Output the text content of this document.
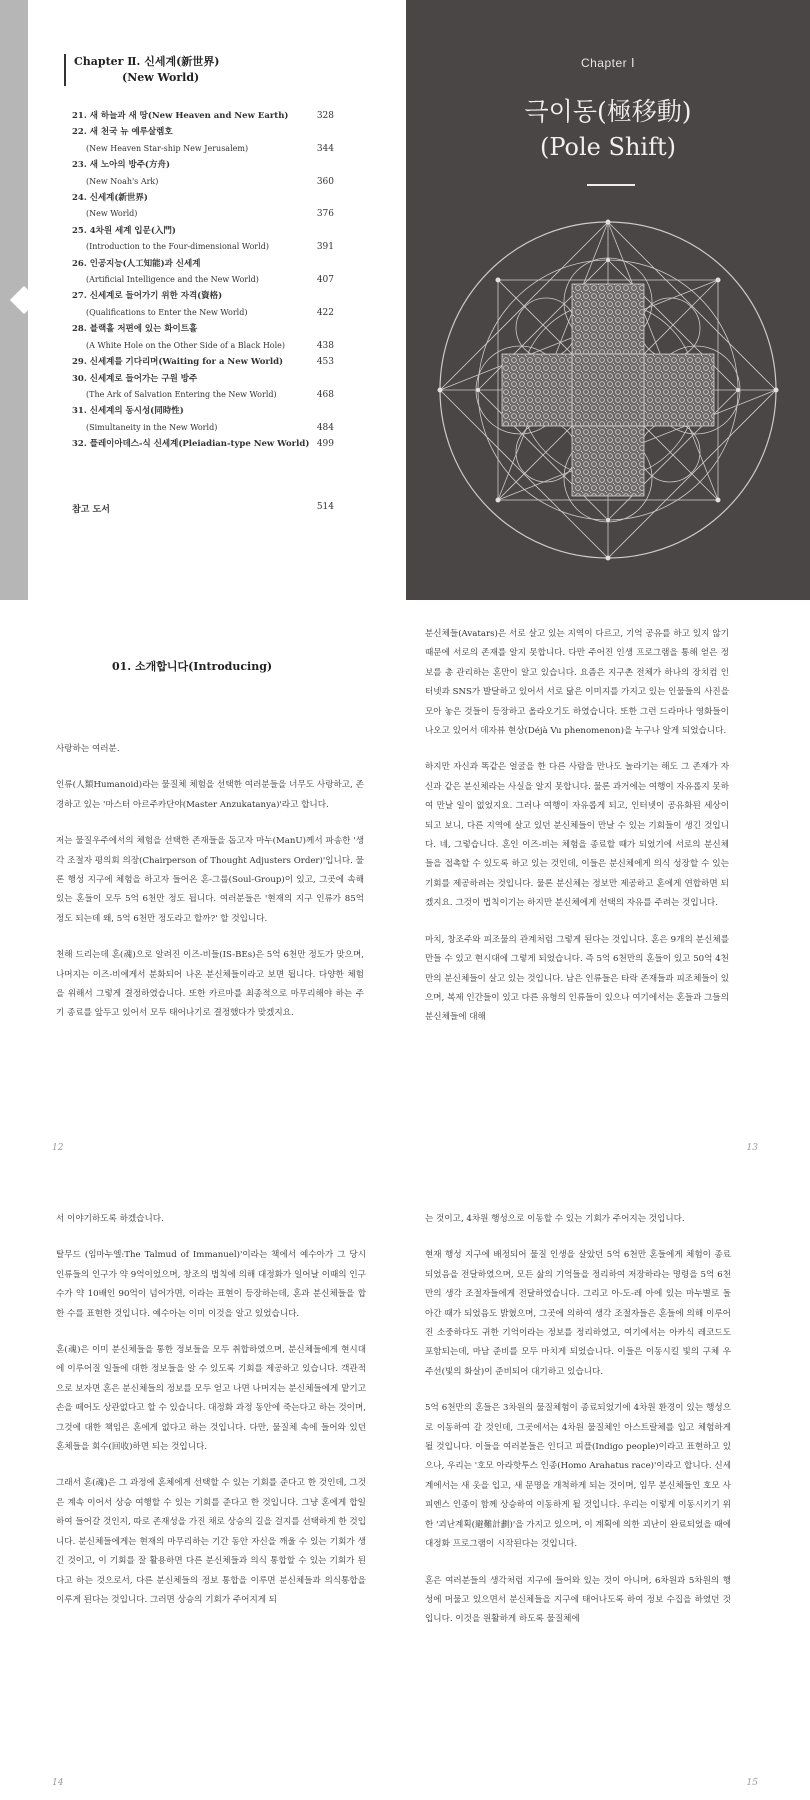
Chapter Ⅱ. 신세계(新世界)
(New World)
21. 새 하늘과 새 땅(New Heaven and New Earth)	328
22. 새 천국 뉴 예루살렘호
(New Heaven Star-ship New Jerusalem)	344
23. 새 노아의 방주(方舟)
(New Noah's Ark)	360
24. 신세계(新世界)
(New World)	376
25. 4차원 세계 입문(入門)
(Introduction to the Four-dimensional World)	391
26. 인공지능(人工知能)과 신세계
(Artificial Intelligence and the New World)	407
27. 신세계로 들어가기 위한 자격(資格)
(Qualifications to Enter the New World)	422
28. 블랙홀 저편에 있는 화이트홀
(A White Hole on the Other Side of a Black Hole)	438
29. 신세계를 기다리며(Waiting for a New World)	453
30. 신세계로 들어가는 구원 방주
(The Ark of Salvation Entering the New World)	468
31. 신세계의 동시성(同時性)
(Simultaneity in the New World)	484
32. 플레이아데스-식 신세계(Pleiadian-type New World) 499
참고 도서	514
Chapter Ⅰ
극이동(極移動)
(Pole Shift)
01. 소개합니다(Introducing)

사랑하는 여러분.

인류(人類Humanoid)라는 물질체 체험을 선택한 여러분들을 너무도 사랑하고, 존경하고 있는 '마스터 아르주카단야(Master Anzukatanya)'라고 합니다.

저는 물질우주에서의 체험을 선택한 존재들을 돕고자 마누(ManU)께서 파송한 '생각 조절자 평의회 의장(Chairperson of Thought Adjusters Order)'입니다. 물론 행성 지구에 체험을 하고자 들어온 혼-그룹(Soul-Group)이 있고, 그곳에 속해 있는 혼들이 모두 5억 6천만 정도 됩니다. 여러분들은 '현재의 지구 인류가 85억 정도 되는데 왜, 5억 6천만 정도라고 할까?' 할 것입니다.

천해 드리는데 혼(魂)으로 알려진 이즈-비들(IS-BEs)은 5억 6천만 정도가 맞으며, 나머지는 이즈-비에게서 분화되어 나온 분신체들이라고 보면 됩니다. 다양한 체험을 위해서 그렇게 결정하였습니다. 또한 카르마를 최종적으로 마무리해야 하는 주기 종료를 앞두고 있어서 모두 태어나기로 결정했다가 맞겠지요.

12

분신체들(Avatars)은 서로 살고 있는 지역이 다르고, 기억 공유를 하고 있지 않기 때문에 서로의 존재를 알지 못합니다. 다만 주어진 인생 프로그램을 통해 얻은 정보를 총 관리하는 혼만이 알고 있습니다. 요즘은 지구촌 전체가 하나의 장치컴 인터넷과 SNS가 발달하고 있어서 서로 닮은 이미지를 가지고 있는 인물들의 사진을 모아 놓은 것들이 등장하고 올라오기도 하였습니다. 또한 그런 드라마나 영화들이 나오고 있어서 데자뷰 현상(Déjà Vu phenomenon)을 누구나 알게 되었습니다.

하지만 자신과 똑같은 얼굴을 한 다른 사람을 만나도 놀라기는 해도 그 존재가 자신과 같은 분신체라는 사실을 알지 못합니다. 물론 과거에는 여행이 자유롭지 못하여 만날 일이 없었지요. 그러나 여행이 자유롭게 되고, 인터넷이 공유화된 세상이 되고 보니, 다른 지역에 살고 있던 분신체들이 만날 수 있는 기회들이 생긴 것입니다. 네, 그렇습니다. 혼인 이즈-비는 체험을 종료할 때가 되었기에 서로의 분신체들을 접촉할 수 있도록 하고 있는 것인데, 이들은 분신체에게 의식 성장할 수 있는 기회를 제공하려는 것입니다. 물론 분신체는 정보만 제공하고 혼에게 연합하면 되겠지요. 그것이 법칙이기는 하지만 분신체에게 선택의 자유를 주려는 것입니다.

마치, 창조주와 피조물의 관계처럼 그렇게 된다는 것입니다. 혼은 9개의 분신체를 만들 수 있고 현시대에 그렇게 되었습니다. 즉 5억 6천만의 혼들이 있고 50억 4천만의 분신체들이 살고 있는 것입니다. 남은 인류들은 타락 존재들과 피조체들이 있으며, 복제 인간들이 있고 다른 유형의 인류들이 있으나 여기에서는 혼들과 그들의 분신체들에 대해

13

서 이야기하도록 하겠습니다.

탈무드 (임마누엘:The Talmud of Immanuel)'이라는 책에서 예수아가 그 당시 인류들의 인구가 약 9억이었으며, 창조의 법칙에 의해 대정화가 일어날 이때의 인구수가 약 10배인 90억이 넘어가면, 이라는 표현이 등장하는데, 혼과 분신체들을 합한 수를 표현한 것입니다. 예수아는 이미 이것을 알고 있었습니다.

혼(魂)은 이미 분신체들을 통한 정보들을 모두 취합하였으며, 분신체들에게 현시대에 이루어질 일들에 대한 정보들을 알 수 있도록 기회를 제공하고 있습니다. 객관적으로 보자면 혼은 분신체들의 정보를 모두 얻고 나면 나머지는 분신체들에게 맡기고 손을 떼어도 상관없다고 할 수 있습니다. 대정화 과정 동안에 죽는다고 하는 것이며, 그것에 대한 책임은 혼에게 없다고 하는 것입니다. 다만, 물질체 속에 들어와 있던 혼체들을 회수(回收)하면 되는 것입니다.

그래서 혼(魂)은 그 과정에 혼체에게 선택할 수 있는 기회를 준다고 한 것인데, 그것은 계속 이어서 상승 여행할 수 있는 기회를 준다고 한 것입니다. 그냥 혼에게 합일하여 들어갈 것인지, 따로 존재성을 가진 채로 상승의 길을 걸지를 선택하게 한 것입니다. 분신체들에게는 현재의 마무리하는 기간 동안 자신을 깨울 수 있는 기회가 생긴 것이고, 이 기회를 잘 활용하면 다른 분신체들과 의식 통합할 수 있는 기회가 된다고 하는 것으로서, 다른 분신체들의 정보 통합을 이루면 분신체들과 의식통합을 이루게 된다는 것입니다. 그러면 상승의 기회가 주어지게 되

14

는 것이고, 4차원 행성으로 이동할 수 있는 기회가 주어지는 것입니다.

현재 행성 지구에 배정되어 물질 인생을 살았던 5억 6천만 혼들에게 체험이 종료되었음을 전달하였으며, 모든 삶의 기억들을 정리하여 저장하라는 명령을 5억 6천만의 생각 조절자들에게 전달하였습니다. 그리고 아-도-레 아에 있는 마누별로 돌아간 때가 되었음도 밝혔으며, 그곳에 의하여 생각 조절자들은 혼들에 의해 이루어진 소중하다도 귀한 기억이라는 정보를 정리하였고, 여기에서는 아카식 레코드도 포함되는데, 마남 준비를 모두 마치게 되었습니다. 이들은 이동시킬 빛의 구체 우주선(빛의 화살)이 준비되어 대기하고 있습니다.

5억 6천만의 혼들은 3차원의 물질체험이 종료되었기에 4차원 환경이 있는 행성으로 이동하여 갈 것인데, 그곳에서는 4차원 물질체인 아스트랄체를 입고 체험하게 될 것입니다. 이들을 여러분들은 인디고 피플(Indigo people)이라고 표현하고 있으나, 우리는 '호모 아라핫투스 인종(Homo Arahatus race)'이라고 합니다. 신세계에서는 새 옷을 입고, 새 문명을 개척하게 되는 것이며, 임무 분신체들인 호모 사피엔스 인종이 함께 상승하여 이동하게 될 것입니다. 우리는 이렇게 이동시키기 위한 '괴난계획(避難計劃)'을 가지고 있으며, 이 계획에 의한 괴난이 완료되었을 때에 대정화 프로그램이 시작된다는 것입니다.

혼은 여러분들의 생각처럼 지구에 들어와 있는 것이 아니며, 6차원과 5차원의 행성에 머물고 있으면서 분신체들을 지구에 태어나도록 하여 정보 수집을 하였던 것입니다. 이것을 원활하게 하도록 물질체에

15
